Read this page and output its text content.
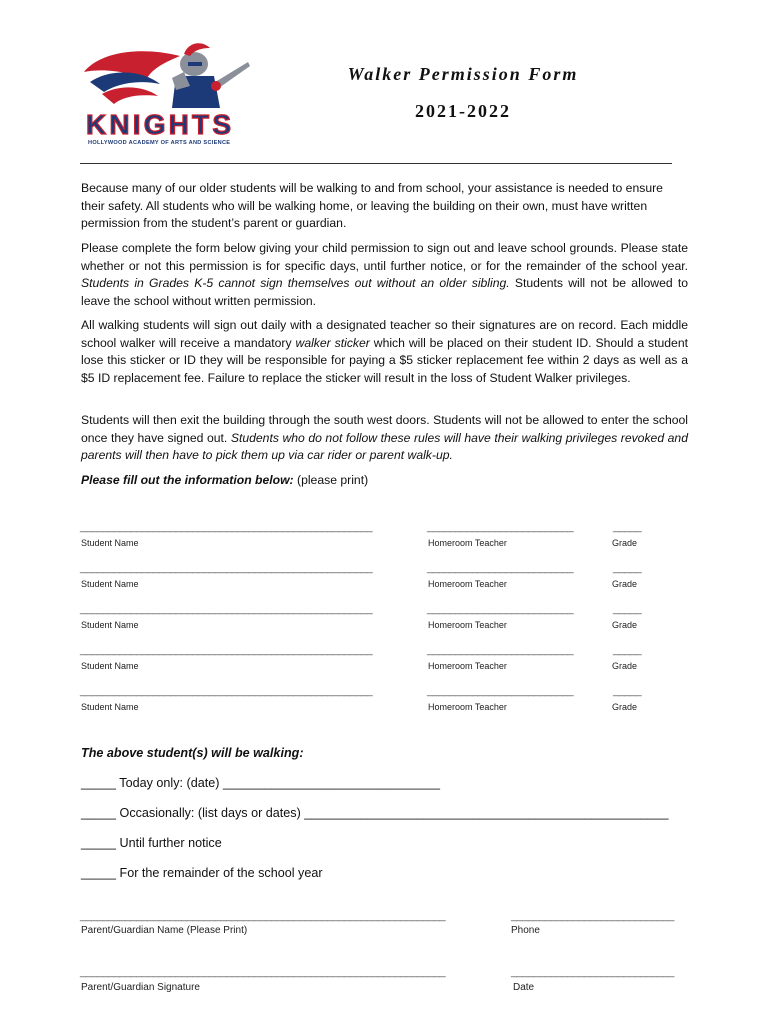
KNIGHTS
HOLLYWOOD ACADEMY OF ARTS AND SCIENCE
Walker Permission Form
2021-2022

Because many of our older students will be walking to and from school, your assistance is needed to ensure their safety. All students who will be walking home, or leaving the building on their own, must have written permission from the student’s parent or guardian.

Please complete the form below giving your child permission to sign out and leave school grounds. Please state whether or not this permission is for specific days, until further notice, or for the remainder of the school year. Students in Grades K-5 cannot sign themselves out without an older sibling. Students will not be allowed to leave the school without written permission.

All walking students will sign out daily with a designated teacher so their signatures are on record. Each middle school walker will receive a mandatory walker sticker which will be placed on their student ID. Should a student lose this sticker or ID they will be responsible for paying a $5 sticker replacement fee within 2 days as well as a $5 ID replacement fee. Failure to replace the sticker will result in the loss of Student Walker privileges.

Students will then exit the building through the south west doors. Students will not be allowed to enter the school once they have signed out. Students who do not follow these rules will have their walking privileges revoked and parents will then have to pick them up via car rider or parent walk-up.

Please fill out the information below: (please print)

____________________________________________________	__________________________	_____
Student Name	Homeroom Teacher	Grade
____________________________________________________	__________________________	_____
Student Name	Homeroom Teacher	Grade
____________________________________________________	__________________________	_____
Student Name	Homeroom Teacher	Grade
____________________________________________________	__________________________	_____
Student Name	Homeroom Teacher	Grade
____________________________________________________	__________________________	_____
Student Name	Homeroom Teacher	Grade
The above student(s) will be walking:
_____ Today only: (date) _______________________________
_____ Occasionally: (list days or dates) ____________________________________________________
_____ Until further notice
_____ For the remainder of the school year
_________________________________________________________________	_____________________________
Parent/Guardian Name (Please Print)	Phone
_________________________________________________________________	_____________________________
Parent/Guardian Signature	Date
